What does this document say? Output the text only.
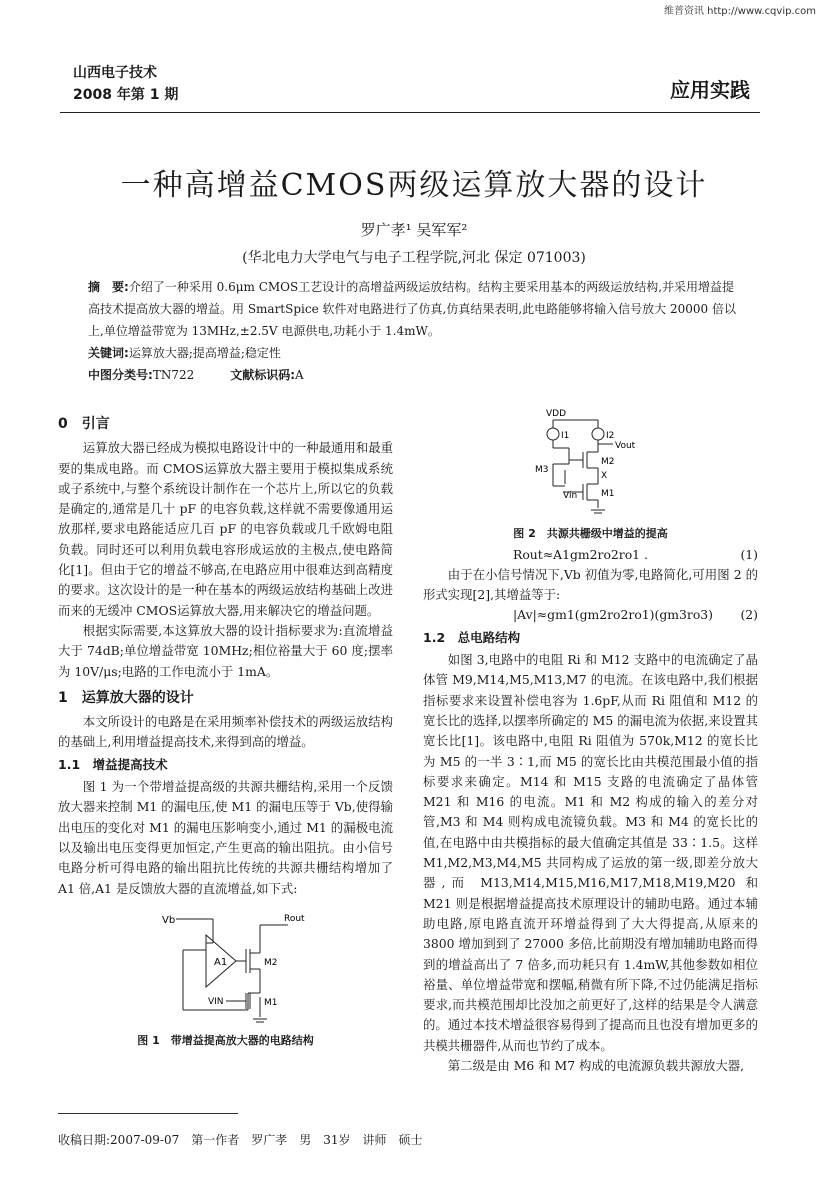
维普资讯 http://www.cqvip.com
山西电子技术
2008 年第 1 期	应用实践
一种高增益CMOS两级运算放大器的设计
罗广孝¹ 吴军军²
(华北电力大学电气与电子工程学院,河北 保定 071003)
摘　要:介绍了一种采用 0.6μm CMOS工艺设计的高增益两级运放结构。结构主要采用基本的两级运放结构,并采用增益提高技术提高放大器的增益。用 SmartSpice 软件对电路进行了仿真,仿真结果表明,此电路能够将输入信号放大 20000 倍以上,单位增益带宽为 13MHz,±2.5V 电源供电,功耗小于 1.4mW。
关键词:运算放大器;提高增益;稳定性
中图分类号:TN722	文献标识码:A

0　引言

运算放大器已经成为模拟电路设计中的一种最通用和最重要的集成电路。而 CMOS运算放大器主要用于模拟集成系统或子系统中,与整个系统设计制作在一个芯片上,所以它的负载是确定的,通常是几十 pF 的电容负载,这样就不需要像通用运放那样,要求电路能适应几百 pF 的电容负载或几千欧姆电阻负载。同时还可以利用负载电容形成运放的主极点,使电路简化[1]。但由于它的增益不够高,在电路应用中很难达到高精度的要求。这次设计的是一种在基本的两级运放结构基础上改进而来的无缓冲 CMOS运算放大器,用来解决它的增益问题。

根据实际需要,本这算放大器的设计指标要求为:直流增益大于 74dB;单位增益带宽 10MHz;相位裕量大于 60 度;摆率为 10V/μs;电路的工作电流小于 1mA。

1　运算放大器的设计

本文所设计的电路是在采用频率补偿技术的两级运放结构的基础上,利用增益提高技术,来得到高的增益。

1.1　增益提高技术

图 1 为一个带增益提高级的共源共栅结构,采用一个反馈放大器来控制 M1 的漏电压,使 M1 的漏电压等于 Vb,使得输出电压的变化对 M1 的漏电压影响变小,通过 M1 的漏极电流以及输出电压变得更加恒定,产生更高的输出阻抗。由小信号电路分析可得电路的输出阻抗比传统的共源共栅结构增加了 A1 倍,A1 是反馈放大器的直流增益,如下式:

Vb
A1
Rout
M2
VIN	M1

图 1　带增益提高放大器的电路结构

VDD
I1	I2
Vout
M2
M3
X
Vin	M1

图 2　共源共栅级中增益的提高

Rout≈A1gm2ro2ro1 .	(1)

由于在小信号情况下,Vb 初值为零,电路简化,可用图 2 的形式实现[2],其增益等于:

|Av|≈gm1(gm2ro2ro1)(gm3ro3) (2)

1.2　总电路结构

如图 3,电路中的电阻 Ri 和 M12 支路中的电流确定了晶体管 M9,M14,M5,M13,M7 的电流。在该电路中,我们根据指标要求来设置补偿电容为 1.6pF,从而 Ri 阻值和 M12 的宽长比的选择,以摆率所确定的 M5 的漏电流为依据,来设置其宽长比[1]。该电路中,电阻 Ri 阻值为 570k,M12 的宽长比为 M5 的一半 3∶1,而 M5 的宽长比由共模范围最小值的指标要求来确定。M14 和 M15 支路的电流确定了晶体管 M21 和 M16 的电流。M1 和 M2 构成的输入的差分对管,M3 和 M4 则构成电流镜负载。M3 和 M4 的宽长比的值,在电路中由共模指标的最大值确定其值是 33∶1.5。这样 M1,M2,M3,M4,M5 共同构成了运放的第一级,即差分放大器,而 M13,M14,M15,M16,M17,M18,M19,M20 和 M21 则是根据增益提高技术原理设计的辅助电路。通过本辅助电路,原电路直流开环增益得到了大大得提高,从原来的 3800 增加到到了 27000 多倍,比前期没有增加辅助电路而得到的增益高出了 7 倍多,而功耗只有 1.4mW,其他参数如相位裕量、单位增益带宽和摆幅,稍微有所下降,不过仍能满足指标要求,而共模范围却比没加之前更好了,这样的结果是令人满意的。通过本技术增益很容易得到了提高而且也没有增加更多的共模共栅器件,从而也节约了成本。

第二级是由 M6 和 M7 构成的电流源负载共源放大器,

收稿日期:2007-09-07　第一作者　罗广孝　男　31岁　讲师　硕士
